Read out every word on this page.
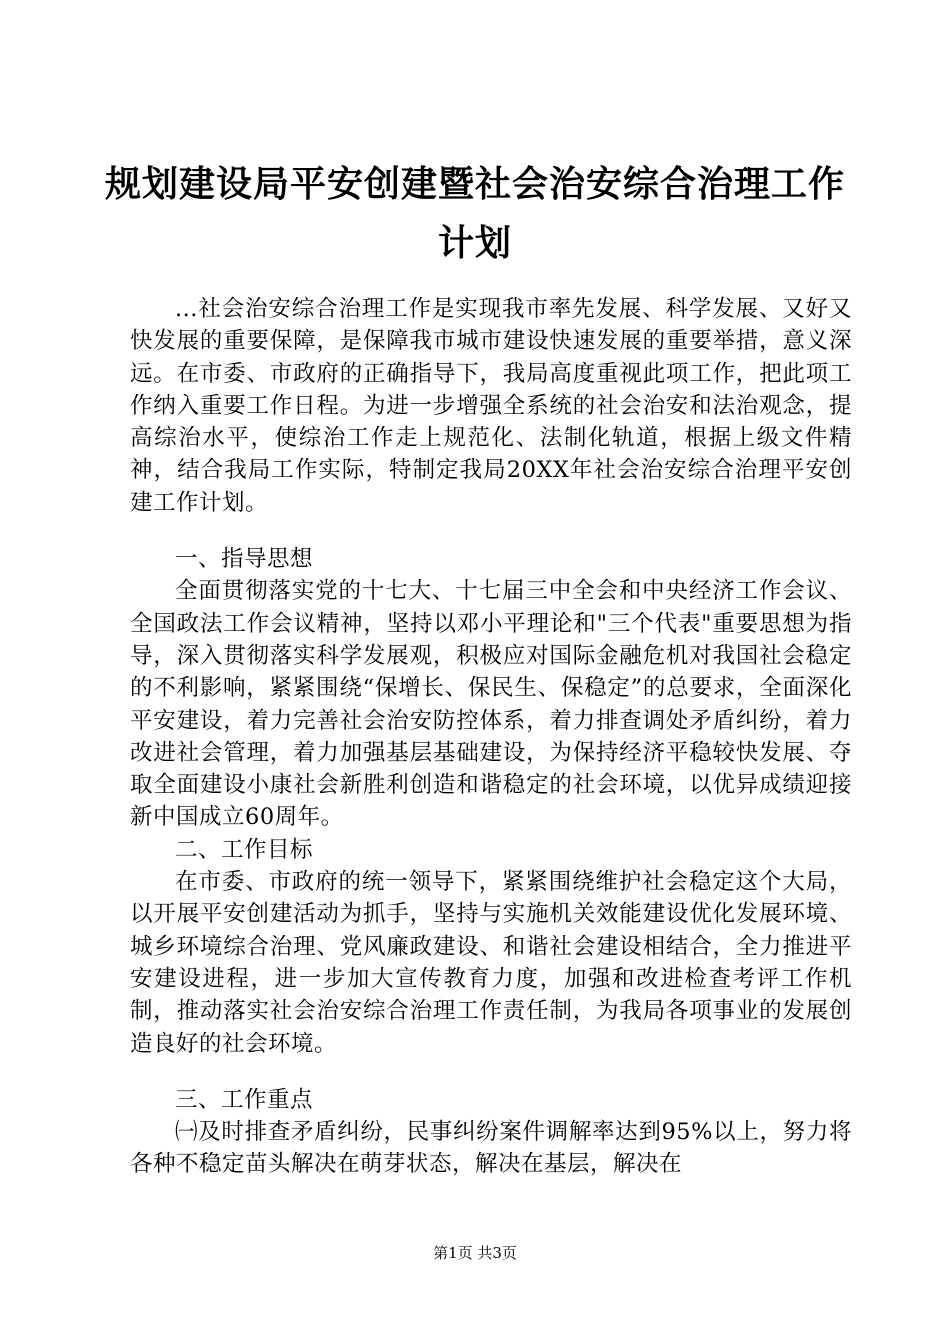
规划建设局平安创建暨社会治安综合治理工作
计划

...社会治安综合治理工作是实现我市率先发展、科学发展、又好又快发展的重要保障，是保障我市城市建设快速发展的重要举措，意义深远。在市委、市政府的正确指导下，我局高度重视此项工作，把此项工作纳入重要工作日程。为进一步增强全系统的社会治安和法治观念，提高综治水平，使综治工作走上规范化、法制化轨道，根据上级文件精神，结合我局工作实际，特制定我局20XX年社会治安综合治理平安创建工作计划。

一、指导思想

全面贯彻落实党的十七大、十七届三中全会和中央经济工作会议、全国政法工作会议精神，坚持以邓小平理论和"三个代表"重要思想为指导，深入贯彻落实科学发展观，积极应对国际金融危机对我国社会稳定的不利影响，紧紧围绕“保增长、保民生、保稳定”的总要求，全面深化平安建设，着力完善社会治安防控体系，着力排查调处矛盾纠纷，着力改进社会管理，着力加强基层基础建设，为保持经济平稳较快发展、夺取全面建设小康社会新胜利创造和谐稳定的社会环境，以优异成绩迎接新中国成立60周年。

二、工作目标

在市委、市政府的统一领导下，紧紧围绕维护社会稳定这个大局，以开展平安创建活动为抓手，坚持与实施机关效能建设优化发展环境、城乡环境综合治理、党风廉政建设、和谐社会建设相结合，全力推进平安建设进程，进一步加大宣传教育力度，加强和改进检查考评工作机制，推动落实社会治安综合治理工作责任制，为我局各项事业的发展创造良好的社会环境。

三、工作重点

㈠及时排查矛盾纠纷，民事纠纷案件调解率达到95%以上，努力将各种不稳定苗头解决在萌芽状态，解决在基层，解决在

第1页 共3页
